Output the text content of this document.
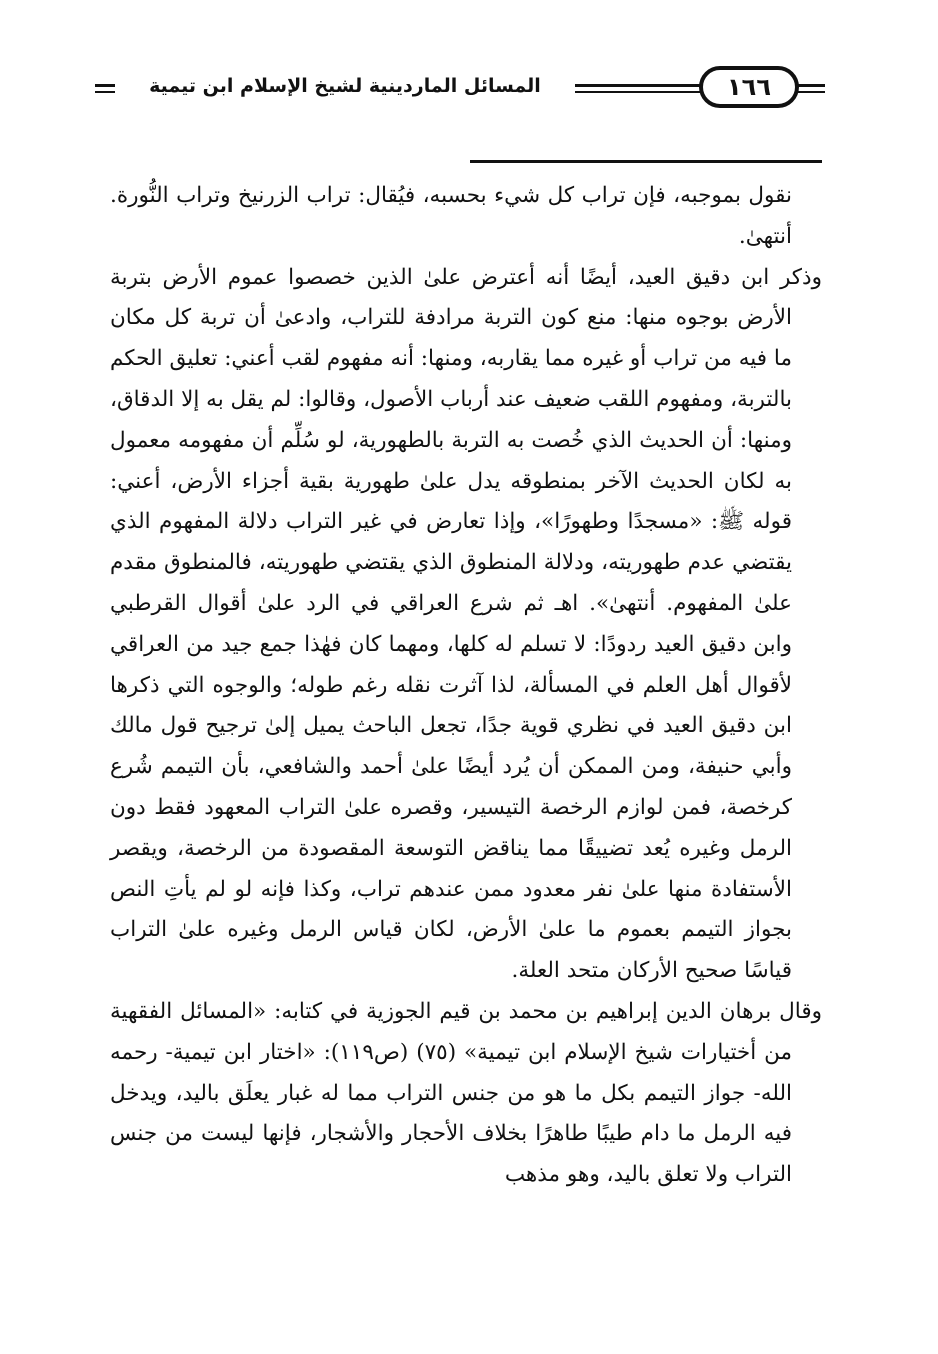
المسائل الماردينية لشيخ الإسلام ابن تيمية	١٦٦

نقول بموجبه، فإن تراب كل شيء بحسبه، فيُقال: تراب الزرنيخ وتراب النُّورة. أنتهىٰ.

وذكر ابن دقيق العيد، أيضًا أنه أعترض علىٰ الذين خصصوا عموم الأرض بتربة الأرض بوجوه منها: منع كون التربة مرادفة للتراب، وادعىٰ أن تربة كل مكان ما فيه من تراب أو غيره مما يقاربه، ومنها: أنه مفهوم لقب أعني: تعليق الحكم بالتربة، ومفهوم اللقب ضعيف عند أرباب الأصول، وقالوا: لم يقل به إلا الدقاق، ومنها: أن الحديث الذي خُصت به التربة بالطهورية، لو سُلِّم أن مفهومه معمول به لكان الحديث الآخر بمنطوقه يدل علىٰ طهورية بقية أجزاء الأرض، أعني: قوله ﷺ: «مسجدًا وطهورًا»، وإذا تعارض في غير التراب دلالة المفهوم الذي يقتضي عدم طهوريته، ودلالة المنطوق الذي يقتضي طهوريته، فالمنطوق مقدم علىٰ المفهوم. أنتهىٰ». اهـ ثم شرع العراقي في الرد علىٰ أقوال القرطبي وابن دقيق العيد ردودًا: لا تسلم له كلها، ومهما كان فهٰذا جمع جيد من العراقي لأقوال أهل العلم في المسألة، لذا آثرت نقله رغم طوله؛ والوجوه التي ذكرها ابن دقيق العيد في نظري قوية جدًا، تجعل الباحث يميل إلىٰ ترجيح قول مالك وأبي حنيفة، ومن الممكن أن يُرد أيضًا علىٰ أحمد والشافعي، بأن التيمم شُرع كرخصة، فمن لوازم الرخصة التيسير، وقصره علىٰ التراب المعهود فقط دون الرمل وغيره يُعد تضييقًا مما يناقض التوسعة المقصودة من الرخصة، ويقصر الأستفادة منها علىٰ نفر معدود ممن عندهم تراب، وكذا فإنه لو لم يأتِ النص بجواز التيمم بعموم ما علىٰ الأرض، لكان قياس الرمل وغيره علىٰ التراب قياسًا صحيح الأركان متحد العلة.

وقال برهان الدين إبراهيم بن محمد بن قيم الجوزية في كتابه: «المسائل الفقهية من أختيارات شيخ الإسلام ابن تيمية» (٧٥) (ص١١٩): «اختار ابن تيمية- رحمه الله- جواز التيمم بكل ما هو من جنس التراب مما له غبار يعلَق باليد، ويدخل فيه الرمل ما دام طيبًا طاهرًا بخلاف الأحجار والأشجار، فإنها ليست من جنس التراب ولا تعلق باليد، وهو مذهب
